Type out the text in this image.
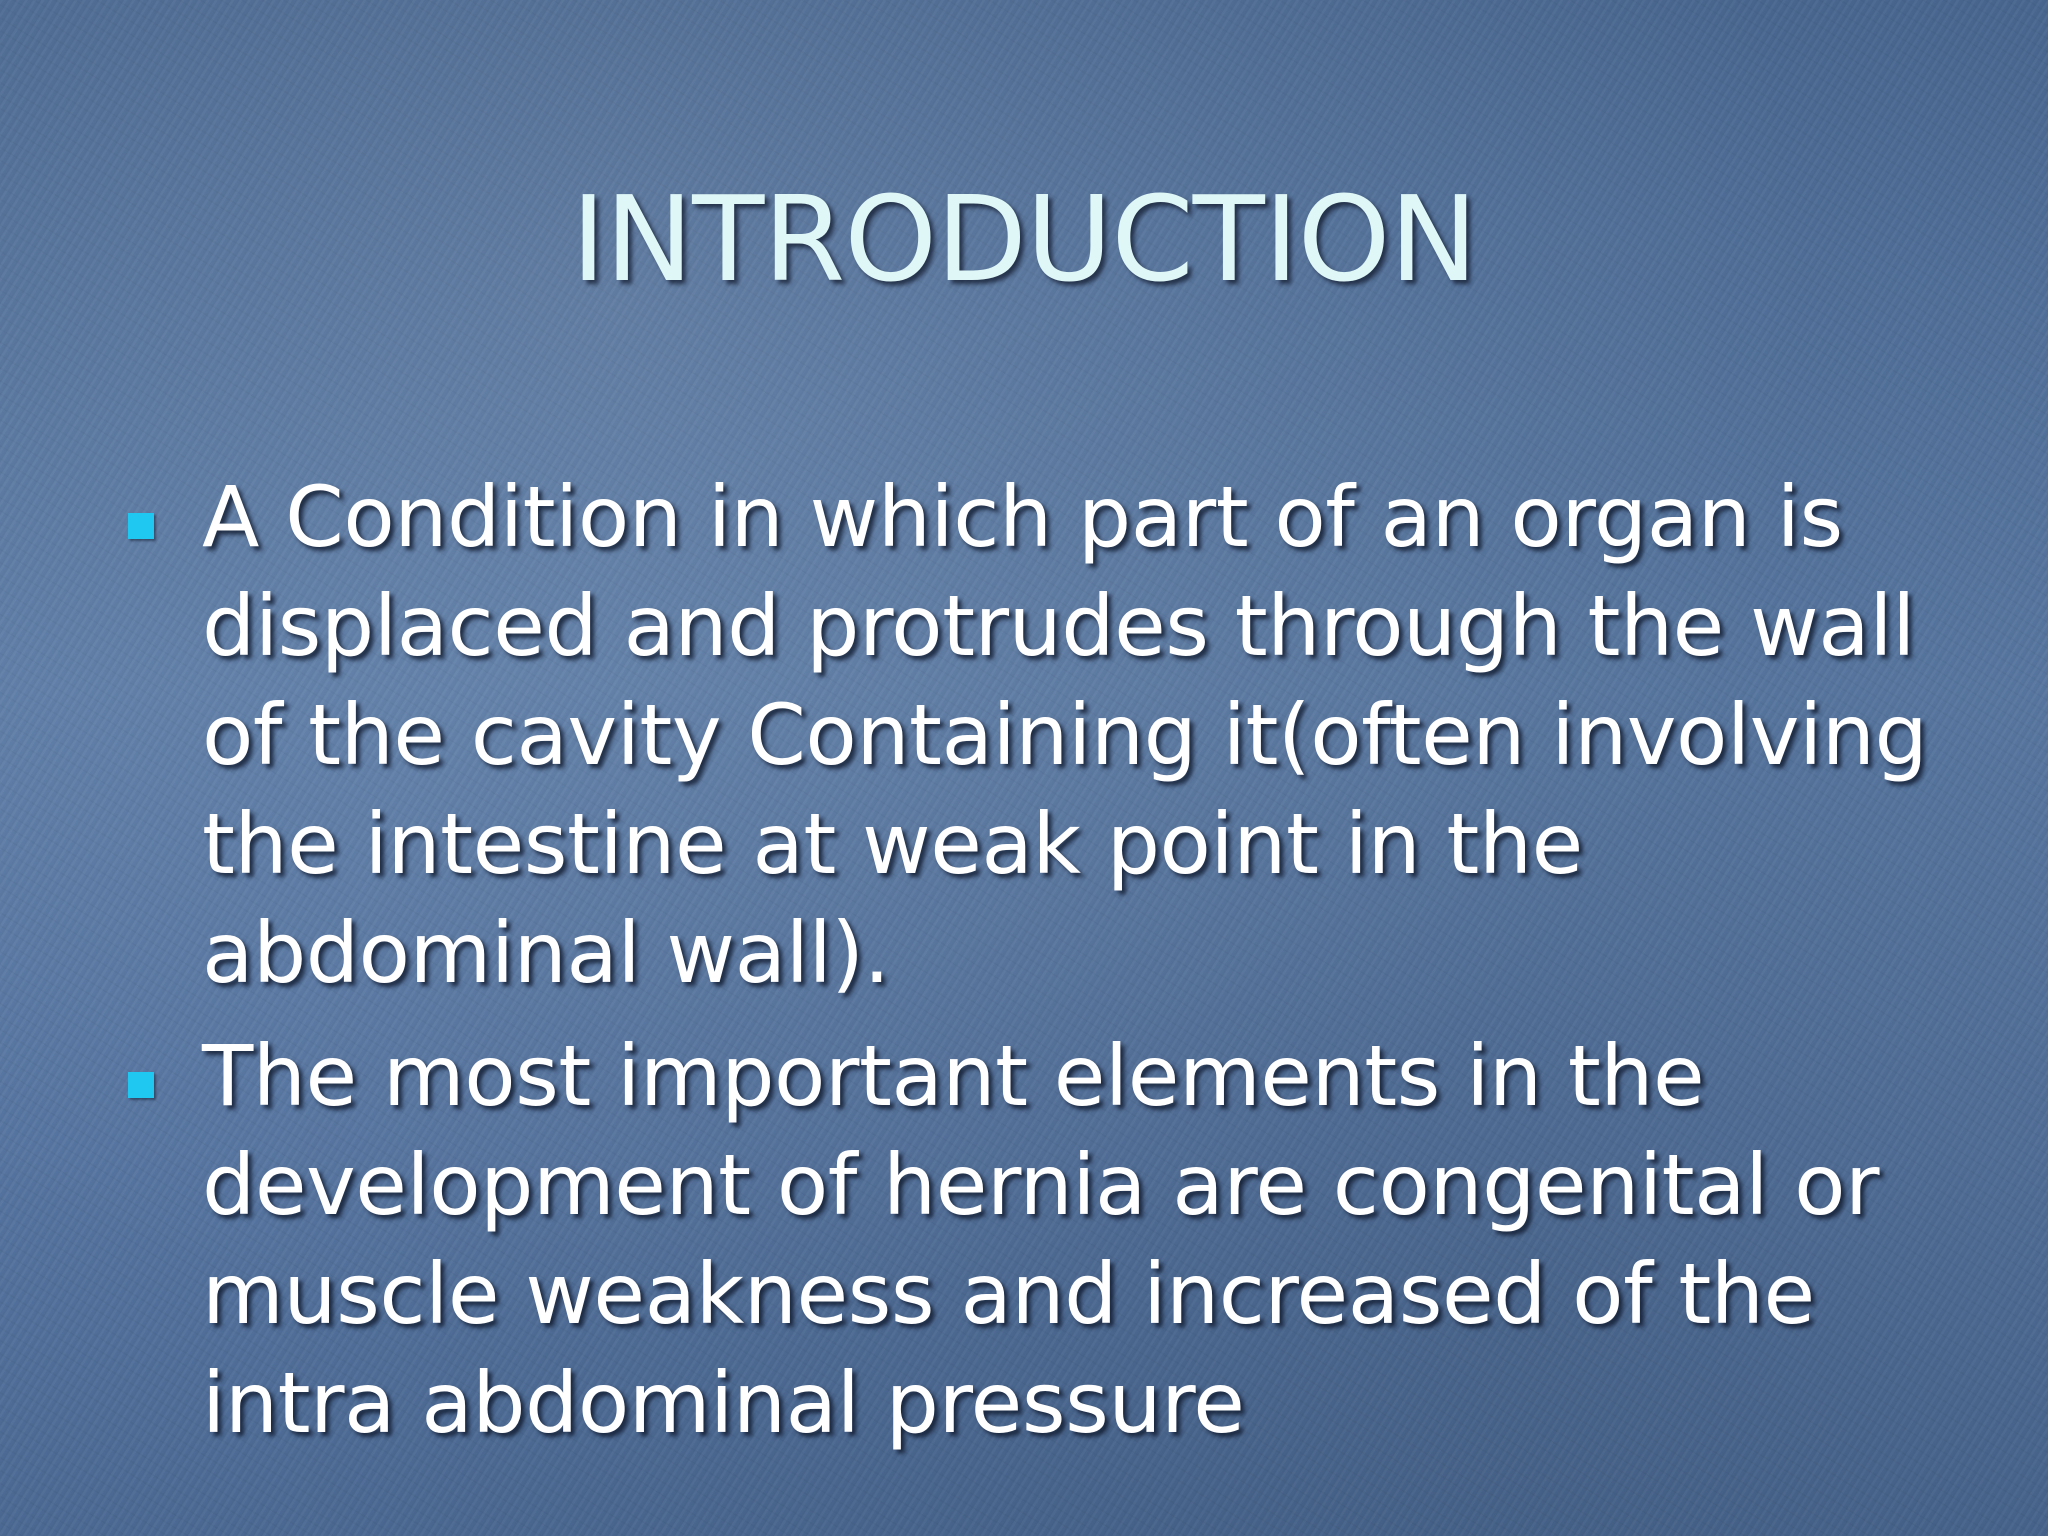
INTRODUCTION
A Condition in which part of an organ is
displaced and protrudes through the wall
of the cavity Containing it(often involving
the intestine at weak point in the
abdominal wall).
The most important elements in the
development of hernia are congenital or
muscle weakness and increased of the
intra abdominal pressure
